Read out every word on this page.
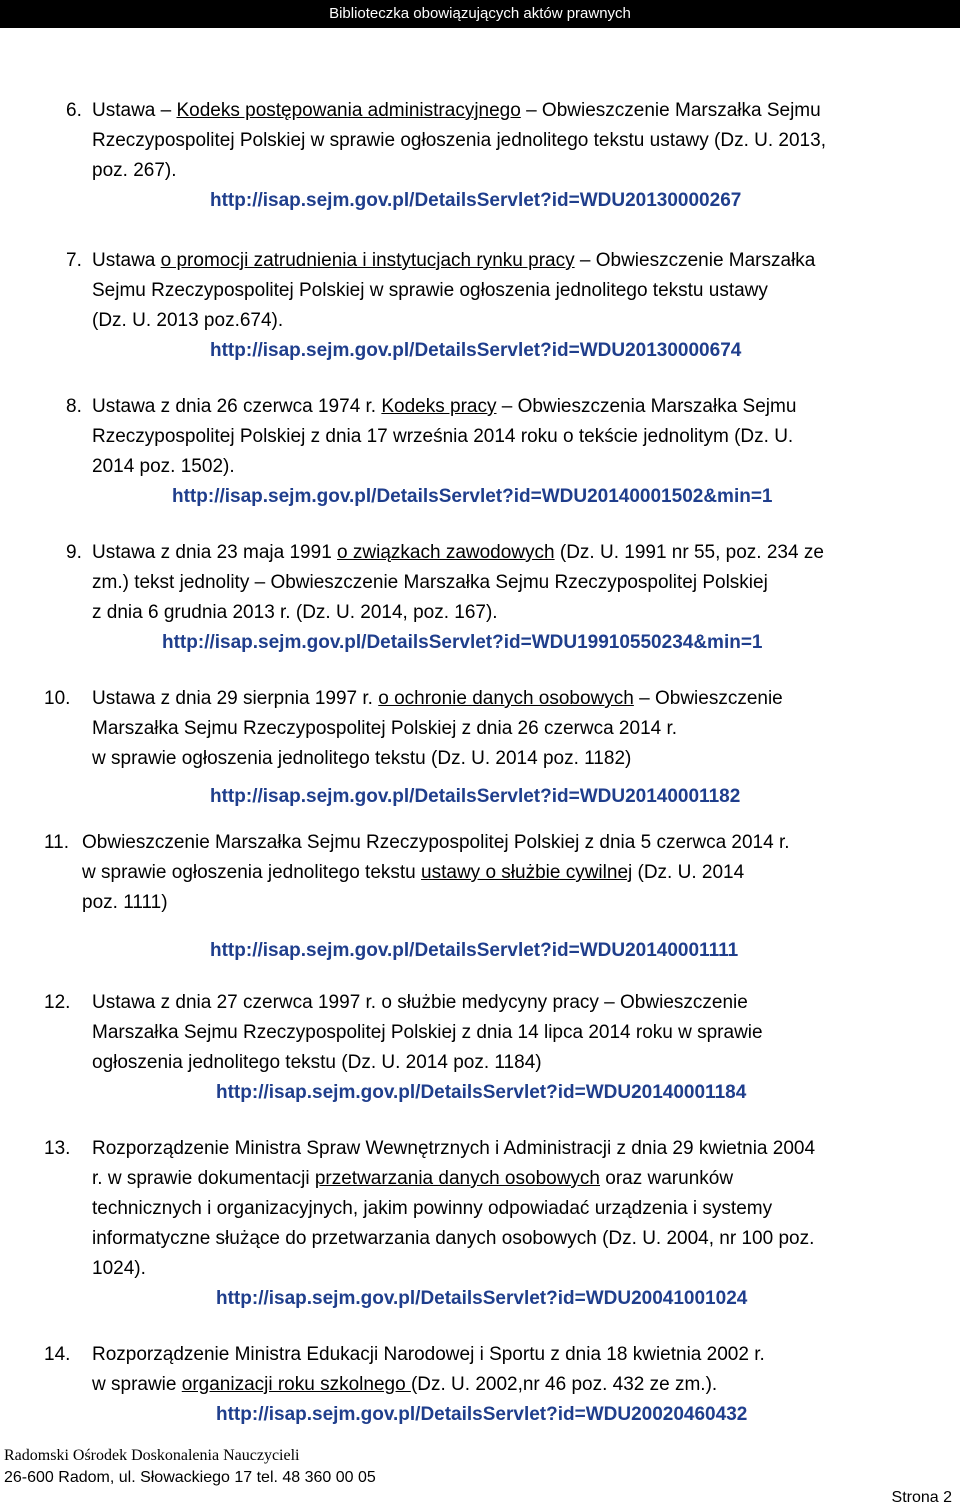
Biblioteczka obowiązujących aktów prawnych
6. Ustawa – Kodeks postępowania administracyjnego – Obwieszczenie Marszałka Sejmu
Rzeczypospolitej Polskiej w sprawie ogłoszenia jednolitego tekstu ustawy (Dz. U. 2013,
poz. 267).
http://isap.sejm.gov.pl/DetailsServlet?id=WDU20130000267
7. Ustawa o promocji zatrudnienia i instytucjach rynku pracy – Obwieszczenie Marszałka
Sejmu Rzeczypospolitej Polskiej w sprawie ogłoszenia jednolitego tekstu ustawy
(Dz. U. 2013 poz.674).
http://isap.sejm.gov.pl/DetailsServlet?id=WDU20130000674
8. Ustawa z dnia 26 czerwca 1974 r. Kodeks pracy – Obwieszczenia Marszałka Sejmu
Rzeczypospolitej Polskiej z dnia 17 września 2014 roku o tekście jednolitym (Dz. U.
2014 poz. 1502).
http://isap.sejm.gov.pl/DetailsServlet?id=WDU20140001502&min=1
9. Ustawa z dnia 23 maja 1991 o związkach zawodowych (Dz. U. 1991 nr 55, poz. 234 ze
zm.) tekst jednolity – Obwieszczenie Marszałka Sejmu Rzeczypospolitej Polskiej
z dnia 6 grudnia 2013 r. (Dz. U. 2014, poz. 167).
http://isap.sejm.gov.pl/DetailsServlet?id=WDU19910550234&min=1
10. Ustawa z dnia 29 sierpnia 1997 r. o ochronie danych osobowych – Obwieszczenie
Marszałka Sejmu Rzeczypospolitej Polskiej z dnia 26 czerwca 2014 r.
w sprawie ogłoszenia jednolitego tekstu (Dz. U. 2014 poz. 1182)
http://isap.sejm.gov.pl/DetailsServlet?id=WDU20140001182
11. Obwieszczenie Marszałka Sejmu Rzeczypospolitej Polskiej z dnia 5 czerwca 2014 r.
w sprawie ogłoszenia jednolitego tekstu ustawy o służbie cywilnej (Dz. U. 2014
poz. 1111)
http://isap.sejm.gov.pl/DetailsServlet?id=WDU20140001111
12. Ustawa z dnia 27 czerwca 1997 r. o służbie medycyny pracy – Obwieszczenie
Marszałka Sejmu Rzeczypospolitej Polskiej z dnia 14 lipca 2014 roku w sprawie
ogłoszenia jednolitego tekstu (Dz. U. 2014 poz. 1184)
http://isap.sejm.gov.pl/DetailsServlet?id=WDU20140001184
13. Rozporządzenie Ministra Spraw Wewnętrznych i Administracji z dnia 29 kwietnia 2004
r. w sprawie dokumentacji przetwarzania danych osobowych oraz warunków
technicznych i organizacyjnych, jakim powinny odpowiadać urządzenia i systemy
informatyczne służące do przetwarzania danych osobowych (Dz. U. 2004, nr 100 poz.
1024).
http://isap.sejm.gov.pl/DetailsServlet?id=WDU20041001024
14. Rozporządzenie Ministra Edukacji Narodowej i Sportu z dnia 18 kwietnia 2002 r.
w sprawie organizacji roku szkolnego (Dz. U. 2002,nr 46 poz. 432 ze zm.).
http://isap.sejm.gov.pl/DetailsServlet?id=WDU20020460432
Radomski Ośrodek Doskonalenia Nauczycieli
26-600 Radom, ul. Słowackiego 17 tel. 48 360 00 05
Strona 2
